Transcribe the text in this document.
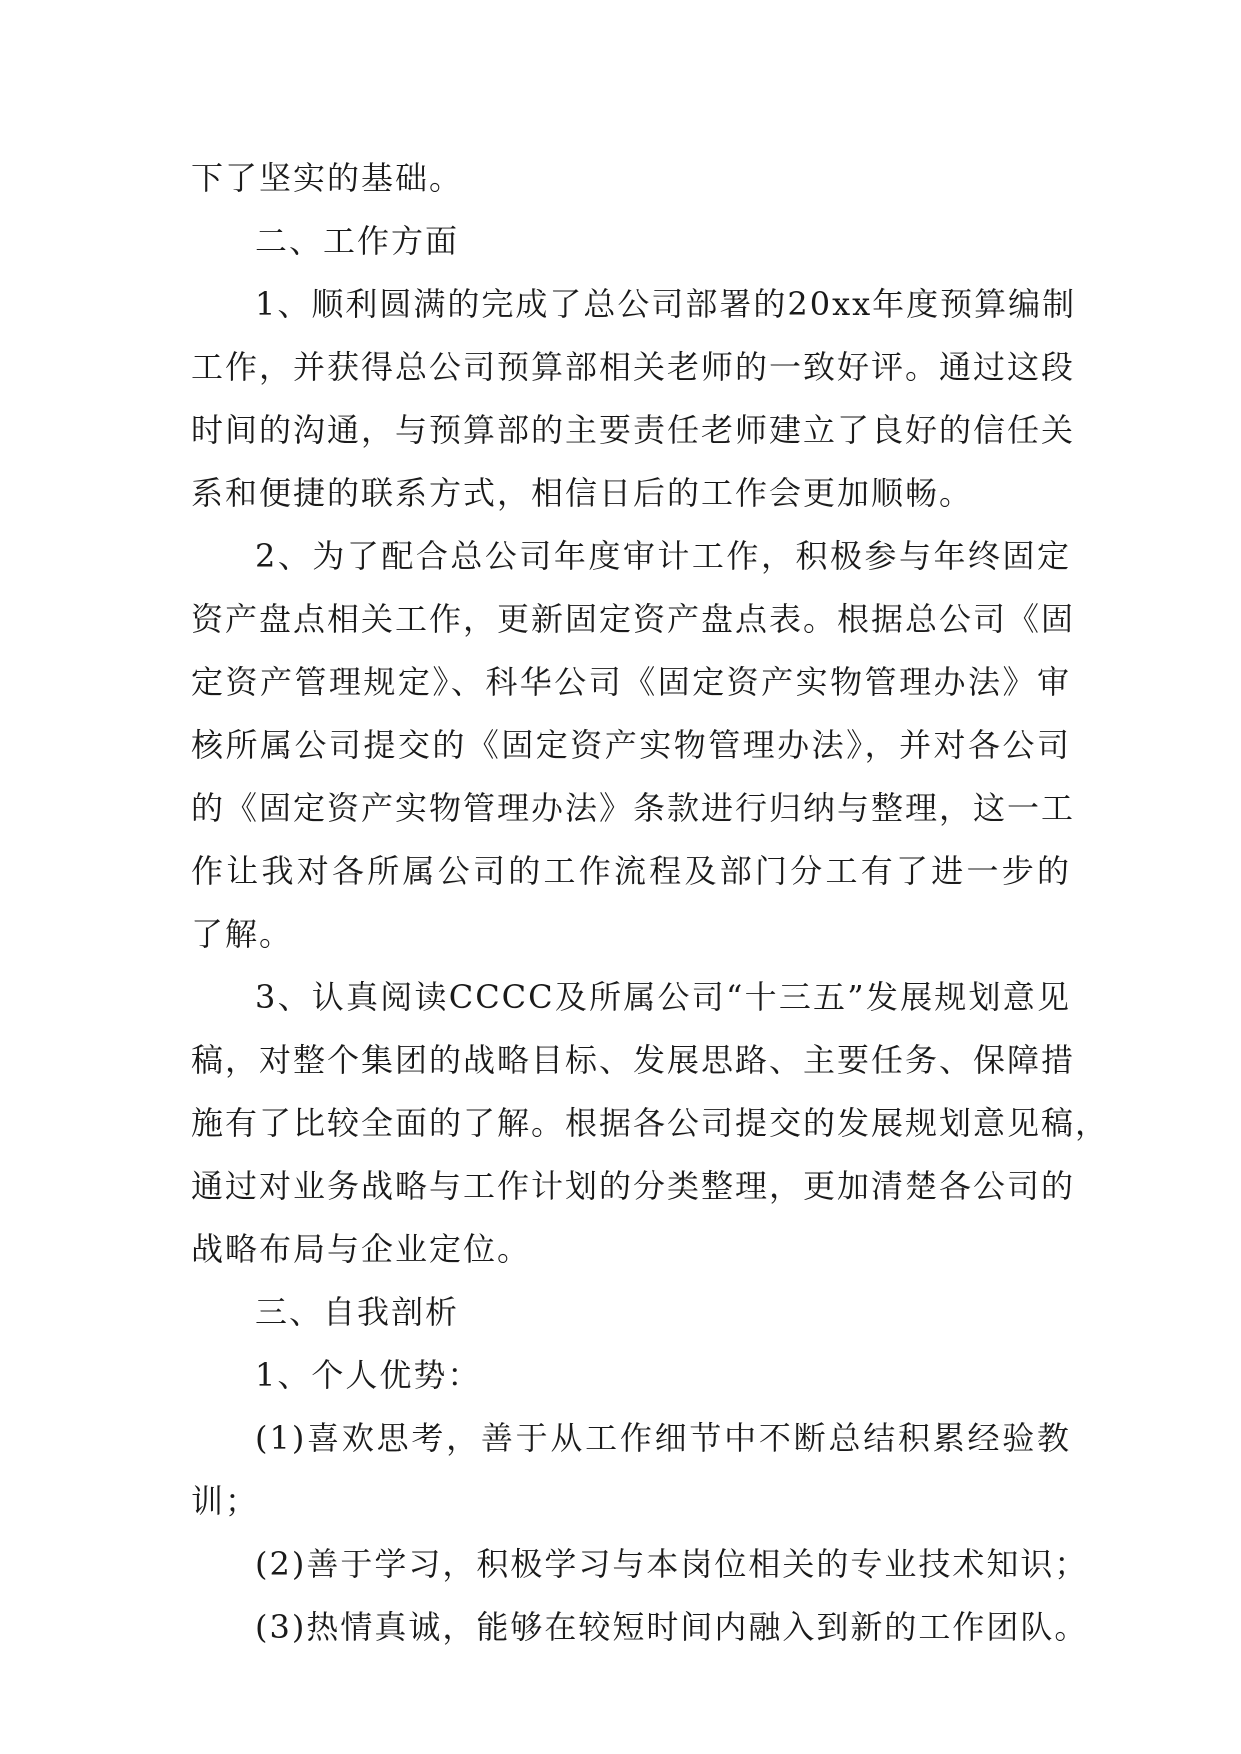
下了坚实的基础。
二、工作方面
1、顺利圆满的完成了总公司部署的20xx年度预算编制
工作，并获得总公司预算部相关老师的一致好评。通过这段
时间的沟通，与预算部的主要责任老师建立了良好的信任关
系和便捷的联系方式，相信日后的工作会更加顺畅。
2、为了配合总公司年度审计工作，积极参与年终固定
资产盘点相关工作，更新固定资产盘点表。根据总公司《固
定资产管理规定》、科华公司《固定资产实物管理办法》审
核所属公司提交的《固定资产实物管理办法》，并对各公司
的《固定资产实物管理办法》条款进行归纳与整理，这一工
作让我对各所属公司的工作流程及部门分工有了进一步的
了解。
3、认真阅读CCCC及所属公司“十三五”发展规划意见
稿，对整个集团的战略目标、发展思路、主要任务、保障措
施有了比较全面的了解。根据各公司提交的发展规划意见稿，
通过对业务战略与工作计划的分类整理，更加清楚各公司的
战略布局与企业定位。
三、自我剖析
1、个人优势：
(1)喜欢思考，善于从工作细节中不断总结积累经验教
训；
(2)善于学习，积极学习与本岗位相关的专业技术知识；
(3)热情真诚，能够在较短时间内融入到新的工作团队。
